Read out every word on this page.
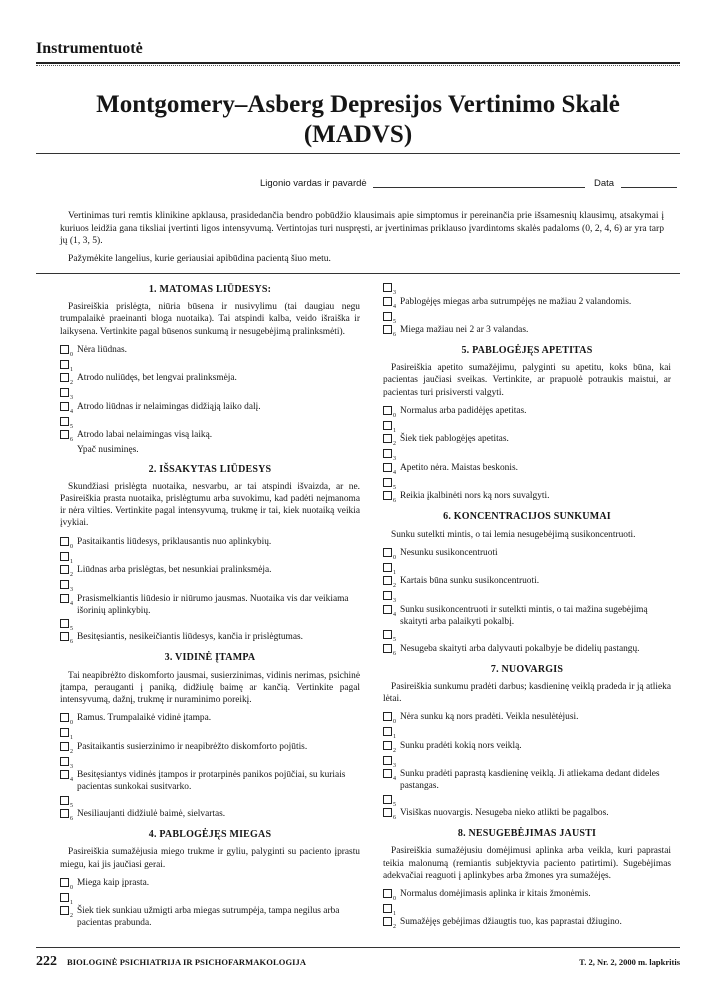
Instrumentuotė
Montgomery–Asberg Depresijos Vertinimo Skalė
(MADVS)
Ligonio vardas ir pavardė	Data

Vertinimas turi remtis klinikine apklausa, prasidedančia bendro pobūdžio klausimais apie simptomus ir pereinančia prie išsamesnių klausimų, atsakymai į kuriuos leidžia gana tiksliai įvertinti ligos intensyvumą. Vertintojas turi nuspręsti, ar įvertinimas priklauso įvardintoms skalės padaloms (0, 2, 4, 6) ar yra tarp jų (1, 3, 5).

Pažymėkite langelius, kurie geriausiai apibūdina pacientą šiuo metu.

1. MATOMAS LIŪDESYS:
Pasireiškia prislėgta, niūria būsena ir nusivylimu (tai daugiau negu trumpalaikė praeinanti bloga nuotaika). Tai atspindi kalba, veido išraiška ir laikysena. Vertinkite pagal būsenos sunkumą ir nesugebėjimą pralinksmėti).
0 Nėra liūdnas.
1
2 Atrodo nuliūdęs, bet lengvai pralinksmėja.
3
4 Atrodo liūdnas ir nelaimingas didžiąją laiko dalį.
5
6 Atrodo labai nelaimingas visą laiką.
Ypač nusiminęs.
2. IŠSAKYTAS LIŪDESYS
Skundžiasi prislėgta nuotaika, nesvarbu, ar tai atspindi išvaizda, ar ne. Pasireiškia prasta nuotaika, prislėgtumu arba suvokimu, kad padėti neįmanoma ir nėra vilties. Vertinkite pagal intensyvumą, trukmę ir tai, kiek nuotaiką veikia įvykiai.
0 Pasitaikantis liūdesys, priklausantis nuo aplinkybių.
1
2 Liūdnas arba prislėgtas, bet nesunkiai pralinksmėja.
3
4 Prasismelkiantis liūdesio ir niūrumo jausmas. Nuotaika vis dar veikiama išorinių aplinkybių.
5
6 Besitęsiantis, nesikeičiantis liūdesys, kančia ir prislėgtumas.
3. VIDINĖ ĮTAMPA
Tai neapibrėžto diskomforto jausmai, susierzinimas, vidinis nerimas, psichinė įtampa, perauganti į paniką, didžiulę baimę ar kančią. Vertinkite pagal intensyvumą, dažnį, trukmę ir nuraminimo poreikį.
0 Ramus. Trumpalaikė vidinė įtampa.
1
2 Pasitaikantis susierzinimo ir neapibrėžto diskomforto pojūtis.
3
4 Besitęsiantys vidinės įtampos ir protarpinės panikos pojūčiai, su kuriais pacientas sunkokai susitvarko.
5
6 Nesiliaujanti didžiulė baimė, sielvartas.
4. PABLOGĖJĘS MIEGAS
Pasireiškia sumažėjusia miego trukme ir gyliu, palyginti su paciento įprastu miegu, kai jis jaučiasi gerai.
0 Miega kaip įprasta.
1
2 Šiek tiek sunkiau užmigti arba miegas sutrumpėja, tampa negilus arba pacientas prabunda.
3
4 Pablogėjęs miegas arba sutrumpėjęs ne mažiau 2 valandomis.
5
6 Miega mažiau nei 2 ar 3 valandas.
5. PABLOGĖJĘS APETITAS
Pasireiškia apetito sumažėjimu, palyginti su apetitu, koks būna, kai pacientas jaučiasi sveikas. Vertinkite, ar prapuolė potraukis maistui, ar pacientas turi prisiversti valgyti.
0 Normalus arba padidėjęs apetitas.
1
2 Šiek tiek pablogėjęs apetitas.
3
4 Apetito nėra. Maistas beskonis.
5
6 Reikia įkalbinėti nors ką nors suvalgyti.
6. KONCENTRACIJOS SUNKUMAI
Sunku sutelkti mintis, o tai lemia nesugebėjimą susikoncentruoti.
0 Nesunku susikoncentruoti
1
2 Kartais būna sunku susikoncentruoti.
3
4 Sunku susikoncentruoti ir sutelkti mintis, o tai mažina sugebėjimą skaityti arba palaikyti pokalbį.
5
6 Nesugeba skaityti arba dalyvauti pokalbyje be didelių pastangų.
7. NUOVARGIS
Pasireiškia sunkumu pradėti darbus; kasdieninę veiklą pradeda ir ją atlieka lėtai.
0 Nėra sunku ką nors pradėti. Veikla nesulėtėjusi.
1
2 Sunku pradėti kokią nors veiklą.
3
4 Sunku pradėti paprastą kasdieninę veiklą. Ji atliekama dedant dideles pastangas.
5
6 Visiškas nuovargis. Nesugeba nieko atlikti be pagalbos.
8. NESUGEBĖJIMAS JAUSTI
Pasireiškia sumažėjusiu domėjimusi aplinka arba veikla, kuri paprastai teikia malonumą (remiantis subjektyvia paciento patirtimi). Sugebėjimas adekvačiai reaguoti į aplinkybes arba žmones yra sumažėjęs.
0 Normalus domėjimasis aplinka ir kitais žmonėmis.
1
2 Sumažėjęs gebėjimas džiaugtis tuo, kas paprastai džiugino.
222 BIOLOGINĖ PSICHIATRIJA IR PSICHOFARMAKOLOGIJA	T. 2, Nr. 2, 2000 m. lapkritis
